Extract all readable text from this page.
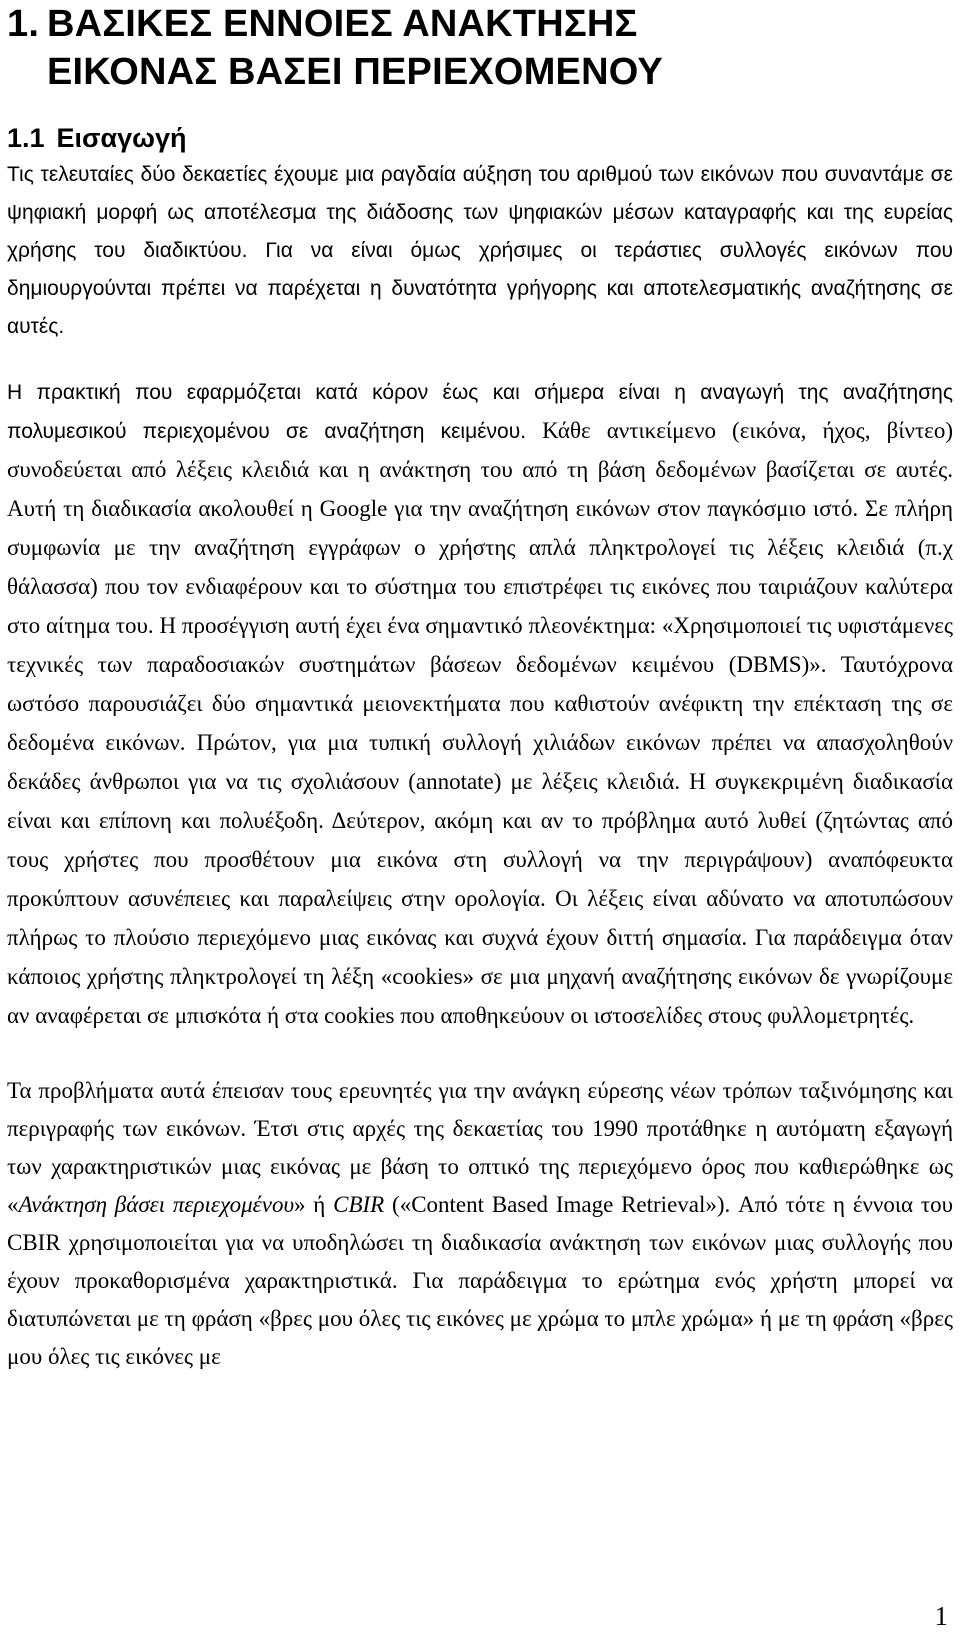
1. ΒΑΣΙΚΕΣ ΕΝΝΟΙΕΣ ΑΝΑΚΤΗΣΗΣ
ΕΙΚΟΝΑΣ ΒΑΣΕΙ ΠΕΡΙΕΧΟΜΕΝΟΥ
1.1 Εισαγωγή

Τις τελευταίες δύο δεκαετίες έχουμε μια ραγδαία αύξηση του αριθμού των εικόνων που συναντάμε σε ψηφιακή μορφή ως αποτέλεσμα της διάδοσης των ψηφιακών μέσων καταγραφής και της ευρείας χρήσης του διαδικτύου. Για να είναι όμως χρήσιμες οι τεράστιες συλλογές εικόνων που δημιουργούνται πρέπει να παρέχεται η δυνατότητα γρήγορης και αποτελεσματικής αναζήτησης σε αυτές.

Η πρακτική που εφαρμόζεται κατά κόρον έως και σήμερα είναι η αναγωγή της αναζήτησης πολυμεσικού περιεχομένου σε αναζήτηση κειμένου. Κάθε αντικείμενο (εικόνα, ήχος, βίντεο) συνοδεύεται από λέξεις κλειδιά και η ανάκτηση του από τη βάση δεδομένων βασίζεται σε αυτές. Αυτή τη διαδικασία ακολουθεί η Google για την αναζήτηση εικόνων στον παγκόσμιο ιστό. Σε πλήρη συμφωνία με την αναζήτηση εγγράφων ο χρήστης απλά πληκτρολογεί τις λέξεις κλειδιά (π.χ θάλασσα) που τον ενδιαφέρουν και το σύστημα του επιστρέφει τις εικόνες που ταιριάζουν καλύτερα στο αίτημα του. Η προσέγγιση αυτή έχει ένα σημαντικό πλεονέκτημα: «Χρησιμοποιεί τις υφιστάμενες τεχνικές των παραδοσιακών συστημάτων βάσεων δεδομένων κειμένου (DBMS)». Ταυτόχρονα ωστόσο παρουσιάζει δύο σημαντικά μειονεκτήματα που καθιστούν ανέφικτη την επέκταση της σε δεδομένα εικόνων. Πρώτον, για μια τυπική συλλογή χιλιάδων εικόνων πρέπει να απασχοληθούν δεκάδες άνθρωποι για να τις σχολιάσουν (annotate) με λέξεις κλειδιά. Η συγκεκριμένη διαδικασία είναι και επίπονη και πολυέξοδη. Δεύτερον, ακόμη και αν το πρόβλημα αυτό λυθεί (ζητώντας από τους χρήστες που προσθέτουν μια εικόνα στη συλλογή να την περιγράψουν) αναπόφευκτα προκύπτουν ασυνέπειες και παραλείψεις στην ορολογία. Οι λέξεις είναι αδύνατο να αποτυπώσουν πλήρως το πλούσιο περιεχόμενο μιας εικόνας και συχνά έχουν διττή σημασία. Για παράδειγμα όταν κάποιος χρήστης πληκτρολογεί τη λέξη «cookies» σε μια μηχανή αναζήτησης εικόνων δε γνωρίζουμε αν αναφέρεται σε μπισκότα ή στα cookies που αποθηκεύουν οι ιστοσελίδες στους φυλλομετρητές.

Τα προβλήματα αυτά έπεισαν τους ερευνητές για την ανάγκη εύρεσης νέων τρόπων ταξινόμησης και περιγραφής των εικόνων. Έτσι στις αρχές της δεκαετίας του 1990 προτάθηκε η αυτόματη εξαγωγή των χαρακτηριστικών μιας εικόνας με βάση το οπτικό της περιεχόμενο όρος που καθιερώθηκε ως «Ανάκτηση βάσει περιεχομένου» ή CBIR («Content Based Image Retrieval»). Από τότε η έννοια του CBIR χρησιμοποιείται για να υποδηλώσει τη διαδικασία ανάκτηση των εικόνων μιας συλλογής που έχουν προκαθορισμένα χαρακτηριστικά. Για παράδειγμα το ερώτημα ενός χρήστη μπορεί να διατυπώνεται με τη φράση «βρες μου όλες τις εικόνες με χρώμα το μπλε χρώμα» ή με τη φράση «βρες μου όλες τις εικόνες με

1
